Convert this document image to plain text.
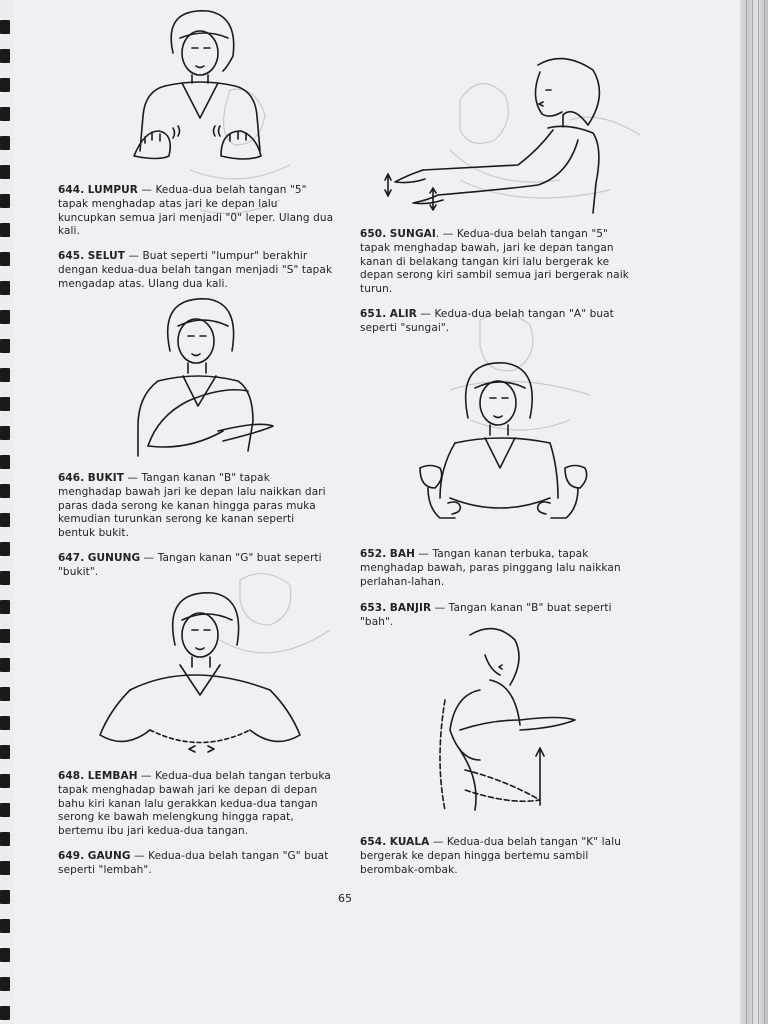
644. LUMPUR — Kedua-dua belah tangan "5" tapak menghadap atas jari ke depan lalu kuncupkan semua jari menjadi "0" leper. Ulang dua kali.
645. SELUT — Buat seperti "lumpur" berakhir dengan kedua-dua belah tangan menjadi "S" tapak mengadap atas. Ulang dua kali.
646. BUKIT — Tangan kanan "B" tapak menghadap bawah jari ke depan lalu naikkan dari paras dada serong ke kanan hingga paras muka kemudian turunkan serong ke kanan seperti bentuk bukit.
647. GUNUNG — Tangan kanan "G" buat seperti "bukit".
648. LEMBAH — Kedua-dua belah tangan terbuka tapak menghadap bawah jari ke depan di depan bahu kiri kanan lalu gerakkan kedua-dua tangan serong ke bawah melengkung hingga rapat, bertemu ibu jari kedua-dua tangan.
649. GAUNG — Kedua-dua belah tangan "G" buat seperti "lembah".
650. SUNGAI. — Kedua-dua belah tangan "5" tapak menghadap bawah, jari ke depan tangan kanan di belakang tangan kiri lalu bergerak ke depan serong kiri sambil semua jari bergerak naik turun.
651. ALIR — Kedua-dua belah tangan "A" buat seperti "sungai".
652. BAH — Tangan kanan terbuka, tapak menghadap bawah, paras pinggang lalu naikkan perlahan-lahan.
653. BANJIR — Tangan kanan "B" buat seperti "bah".
654. KUALA — Kedua-dua belah tangan "K" lalu bergerak ke depan hingga bertemu sambil berombak-ombak.
65
